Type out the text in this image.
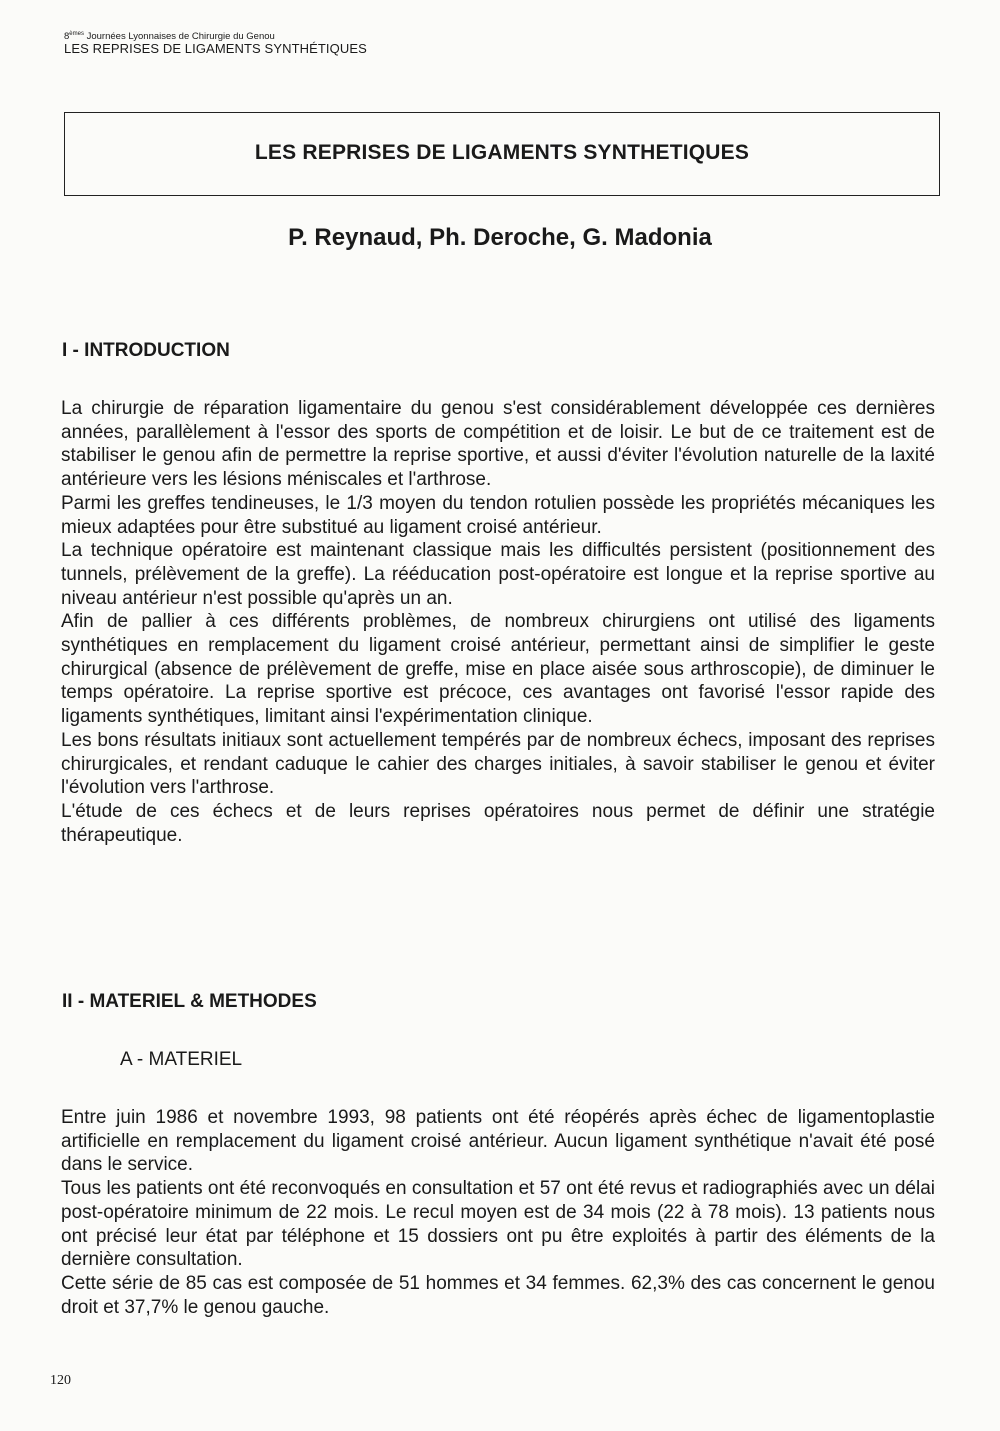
8èmes Journées Lyonnaises de Chirurgie du Genou
LES REPRISES DE LIGAMENTS SYNTHÉTIQUES
LES REPRISES DE LIGAMENTS SYNTHETIQUES
P. Reynaud, Ph. Deroche, G. Madonia
I - INTRODUCTION

La chirurgie de réparation ligamentaire du genou s'est considérablement développée ces dernières années, parallèlement à l'essor des sports de compétition et de loisir. Le but de ce traitement est de stabiliser le genou afin de permettre la reprise sportive, et aussi d'éviter l'évolution naturelle de la laxité antérieure vers les lésions méniscales et l'arthrose.

Parmi les greffes tendineuses, le 1/3 moyen du tendon rotulien possède les propriétés mécaniques les mieux adaptées pour être substitué au ligament croisé antérieur.

La technique opératoire est maintenant classique mais les difficultés persistent (positionnement des tunnels, prélèvement de la greffe). La rééducation post-opératoire est longue et la reprise sportive au niveau antérieur n'est possible qu'après un an.

Afin de pallier à ces différents problèmes, de nombreux chirurgiens ont utilisé des ligaments synthétiques en remplacement du ligament croisé antérieur, permettant ainsi de simplifier le geste chirurgical (absence de prélèvement de greffe, mise en place aisée sous arthroscopie), de diminuer le temps opératoire. La reprise sportive est précoce, ces avantages ont favorisé l'essor rapide des ligaments synthétiques, limitant ainsi l'expérimentation clinique.

Les bons résultats initiaux sont actuellement tempérés par de nombreux échecs, imposant des reprises chirurgicales, et rendant caduque le cahier des charges initiales, à savoir stabiliser le genou et éviter l'évolution vers l'arthrose.

L'étude de ces échecs et de leurs reprises opératoires nous permet de définir une stratégie thérapeutique.

II - MATERIEL & METHODES
A - MATERIEL

Entre juin 1986 et novembre 1993, 98 patients ont été réopérés après échec de ligamentoplastie artificielle en remplacement du ligament croisé antérieur. Aucun ligament synthétique n'avait été posé dans le service.

Tous les patients ont été reconvoqués en consultation et 57 ont été revus et radiographiés avec un délai post-opératoire minimum de 22 mois. Le recul moyen est de 34 mois (22 à 78 mois). 13 patients nous ont précisé leur état par téléphone et 15 dossiers ont pu être exploités à partir des éléments de la dernière consultation.

Cette série de 85 cas est composée de 51 hommes et 34 femmes. 62,3% des cas concernent le genou droit et 37,7% le genou gauche.

120
